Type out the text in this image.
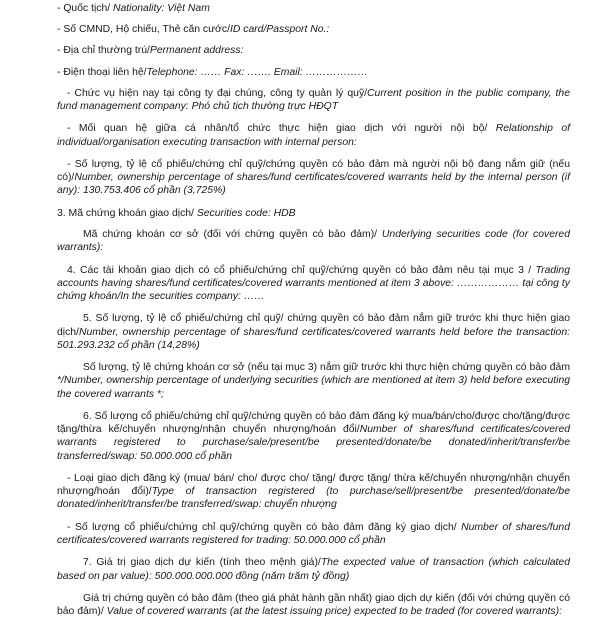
- Quốc tịch/ Nationality: Việt Nam

- Số CMND, Hộ chiếu, Thẻ căn cước/ID card/Passport No.:

- Địa chỉ thường trú/Permanent address:

- Điện thoại liên hệ/Telephone: …… Fax: ……. Email: ………………

- Chức vụ hiện nay tại công ty đại chúng, công ty quản lý quỹ/Current position in the public company, the fund management company: Phó chủ tịch thường trực HĐQT

- Mối quan hệ giữa cá nhân/tổ chức thực hiện giao dịch với người nội bộ/ Relationship of individual/organisation executing transaction with internal person:

- Số lượng, tỷ lệ cổ phiếu/chứng chỉ quỹ/chứng quyền có bảo đảm mà người nội bộ đang nắm giữ (nếu có)/Number, ownership percentage of shares/fund certificates/covered warrants held by the internal person (if any): 130.753.406 cổ phần (3,725%)

3. Mã chứng khoán giao dịch/ Securities code: HDB

Mã chứng khoán cơ sở (đối với chứng quyền có bảo đảm)/ Underlying securities code (for covered warrants):

4. Các tài khoản giao dịch có cổ phiếu/chứng chỉ quỹ/chứng quyền có bảo đảm nêu tại mục 3 / Trading accounts having shares/fund certificates/covered warrants mentioned at item 3 above: ……………… tại công ty chứng khoán/In the securities company: ……

5. Số lượng, tỷ lệ cổ phiếu/chứng chỉ quỹ/ chứng quyền có bảo đảm nắm giữ trước khi thực hiện giao dịch/Number, ownership percentage of shares/fund certificates/covered warrants held before the transaction: 501.293.232 cổ phần (14,28%)

Số lượng, tỷ lệ chứng khoán cơ sở (nếu tại mục 3) nắm giữ trước khi thực hiện chứng quyền có bảo đảm */Number, ownership percentage of underlying securities (which are mentioned at item 3) held before executing the covered warrants *;

6. Số lượng cổ phiếu/chứng chỉ quỹ/chứng quyền có bảo đảm đăng ký mua/bán/cho/được cho/tặng/được tặng/thừa kế/chuyển nhượng/nhận chuyển nhượng/hoán đổi/Number of shares/fund certificates/covered warrants registered to purchase/sale/present/be presented/donate/be donated/inherit/transfer/be transferred/swap: 50.000.000 cổ phần

- Loại giao dịch đăng ký (mua/ bán/ cho/ được cho/ tặng/ được tặng/ thừa kế/chuyển nhượng/nhận chuyển nhượng/hoán đổi)/Type of transaction registered (to purchase/sell/present/be presented/donate/be donated/inherit/transfer/be transferred/swap: chuyển nhượng

- Số lượng cổ phiếu/chứng chỉ quỹ/chứng quyền có bảo đảm đăng ký giao dịch/ Number of shares/fund certificates/covered warrants registered for trading: 50.000.000 cổ phần

7. Giá trị giao dịch dự kiến (tính theo mệnh giá)/The expected value of transaction (which calculated based on par value): 500.000.000.000 đồng (năm trăm tỷ đồng)

Giá trị chứng quyền có bảo đảm (theo giá phát hành gần nhất) giao dịch dự kiến (đối với chứng quyền có bảo đảm)/ Value of covered warrants (at the latest issuing price) expected to be traded (for covered warrants):
